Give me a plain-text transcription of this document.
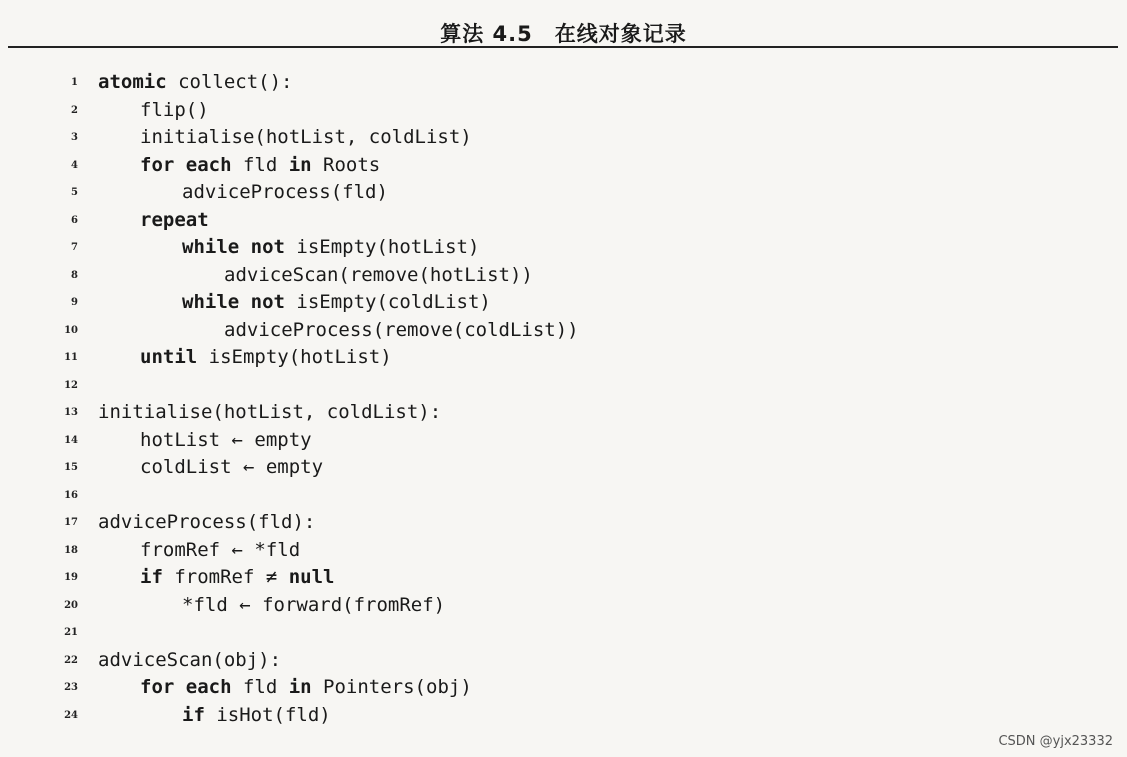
算法 4.5　在线对象记录
1 atomic collect():
2	flip()
3	initialise(hotList, coldList)
4	for each fld in Roots
5	adviceProcess(fld)
6	repeat
7	while not isEmpty(hotList)
8	adviceScan(remove(hotList))
9	while not isEmpty(coldList)
10	adviceProcess(remove(coldList))
11	until isEmpty(hotList)
12
13 initialise(hotList, coldList):
14	hotList ← empty
15	coldList ← empty
16
17 adviceProcess(fld):
18	fromRef ← *fld
19	if fromRef ≠ null
20	*fld ← forward(fromRef)
21
22 adviceScan(obj):
23	for each fld in Pointers(obj)
24	if isHot(fld)
CSDN @yjx23332
